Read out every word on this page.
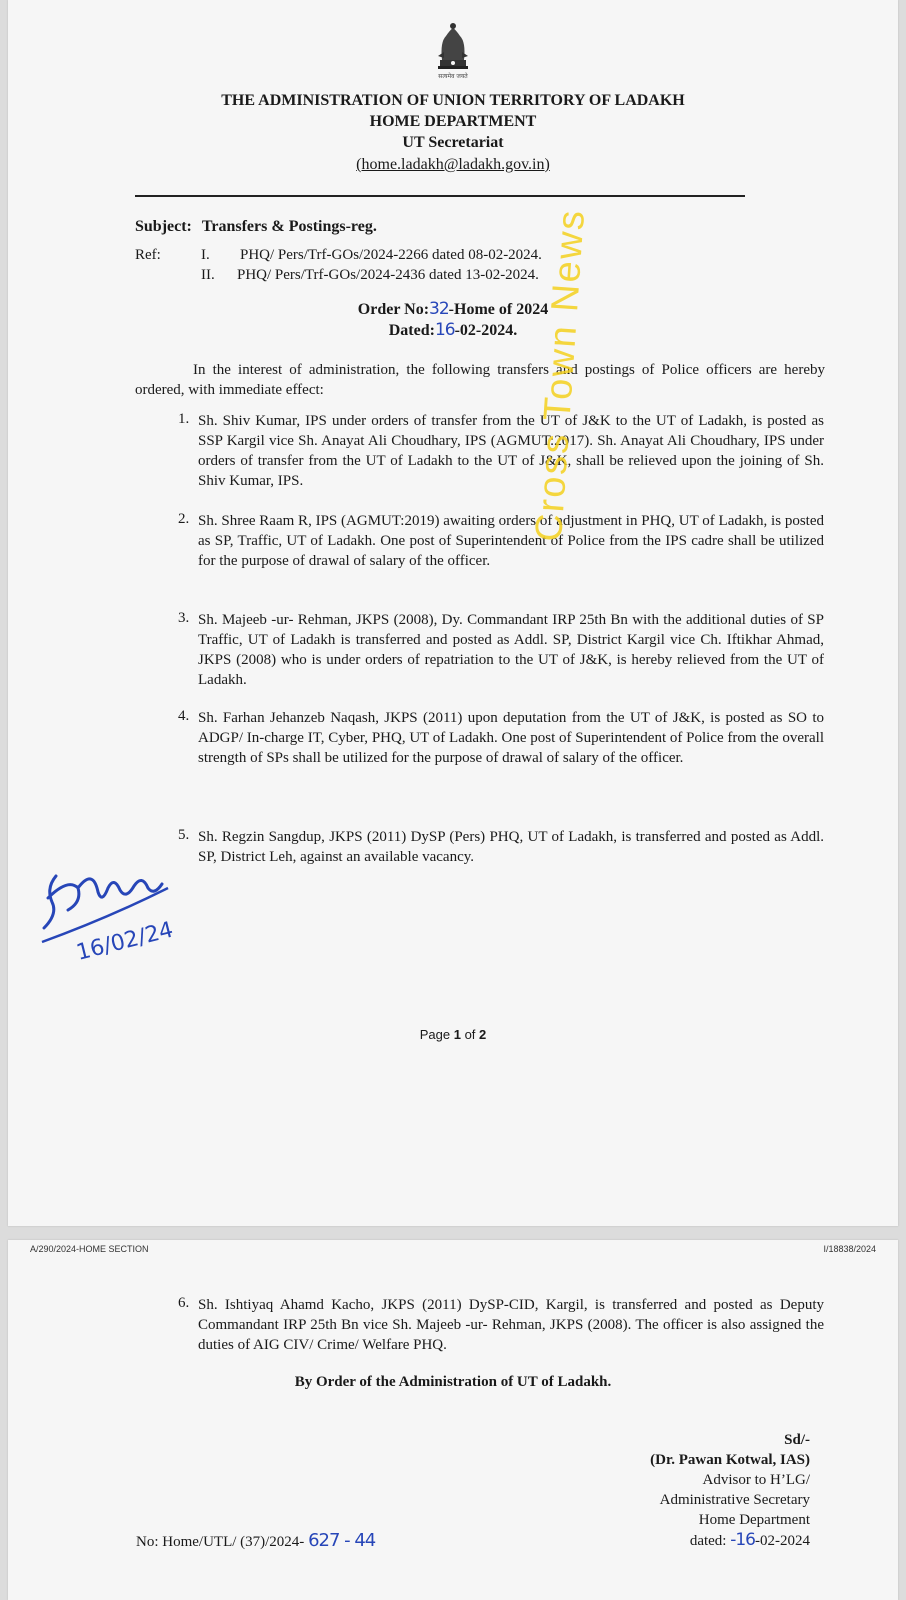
सत्यमेव जयते
THE ADMINISTRATION OF UNION TERRITORY OF LADAKH
HOME DEPARTMENT
UT Secretariat
(home.ladakh@ladakh.gov.in)
Subject: Transfers & Postings-reg.
Ref:	I. PHQ/ Pers/Trf-GOs/2024-2266 dated 08-02-2024.
II. PHQ/ Pers/Trf-GOs/2024-2436 dated 13-02-2024.
Order No:32-Home of 2024
Dated:16-02-2024.
In the interest of administration, the following transfers and postings of Police officers are hereby ordered, with immediate effect:
1. Sh. Shiv Kumar, IPS under orders of transfer from the UT of J&K to the UT of Ladakh, is posted as SSP Kargil vice Sh. Anayat Ali Choudhary, IPS (AGMUT:2017). Sh. Anayat Ali Choudhary, IPS under orders of transfer from the UT of Ladakh to the UT of J&K, shall be relieved upon the joining of Sh. Shiv Kumar, IPS.
2. Sh. Shree Raam R, IPS (AGMUT:2019) awaiting orders of adjustment in PHQ, UT of Ladakh, is posted as SP, Traffic, UT of Ladakh. One post of Superintendent of Police from the IPS cadre shall be utilized for the purpose of drawal of salary of the officer.
3. Sh. Majeeb -ur- Rehman, JKPS (2008), Dy. Commandant IRP 25th Bn with the additional duties of SP Traffic, UT of Ladakh is transferred and posted as Addl. SP, District Kargil vice Ch. Iftikhar Ahmad, JKPS (2008) who is under orders of repatriation to the UT of J&K, is hereby relieved from the UT of Ladakh.
4. Sh. Farhan Jehanzeb Naqash, JKPS (2011) upon deputation from the UT of J&K, is posted as SO to ADGP/ In-charge IT, Cyber, PHQ, UT of Ladakh. One post of Superintendent of Police from the overall strength of SPs shall be utilized for the purpose of drawal of salary of the officer.
5. Sh. Regzin Sangdup, JKPS (2011) DySP (Pers) PHQ, UT of Ladakh, is transferred and posted as Addl. SP, District Leh, against an available vacancy.
16/02/24
Cross Town News
Page 1 of 2
A/290/2024-HOME SECTION	I/18838/2024
6. Sh. Ishtiyaq Ahamd Kacho, JKPS (2011) DySP-CID, Kargil, is transferred and posted as Deputy Commandant IRP 25th Bn vice Sh. Majeeb -ur- Rehman, JKPS (2008). The officer is also assigned the duties of AIG CIV/ Crime/ Welfare PHQ.
By Order of the Administration of UT of Ladakh.
Sd/-
(Dr. Pawan Kotwal, IAS)
Advisor to H’LG/
Administrative Secretary
Home Department
dated: -16-02-2024
No: Home/UTL/ (37)/2024- 627 - 44
